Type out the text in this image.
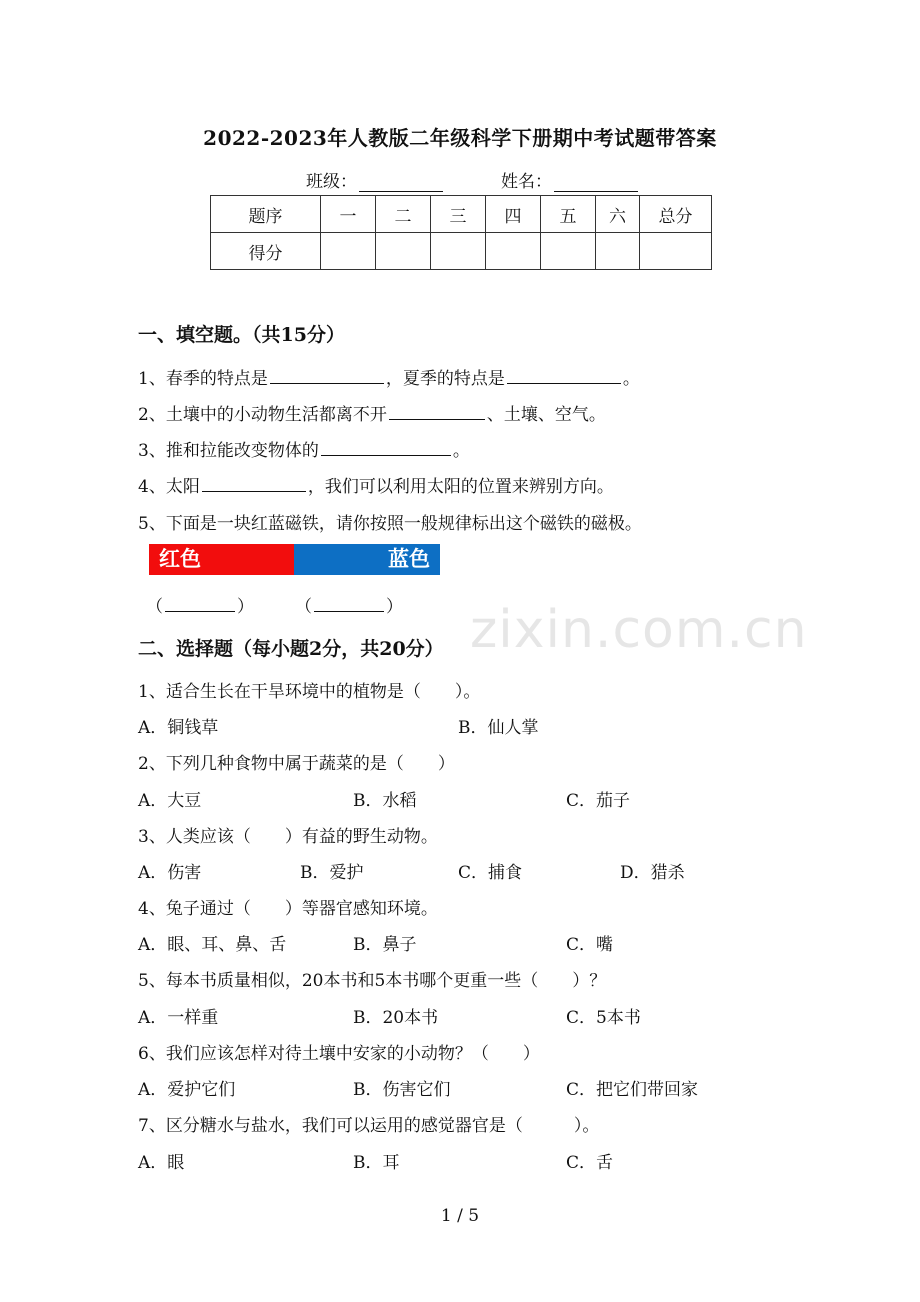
zixin.com.cn
2022-2023年人教版二年级科学下册期中考试题带答案
班级：	姓名：
题序	一	二	三	四	五	六	总分
得分							
一、填空题。（共15分）
1、春季的特点是	，夏季的特点是	。
2、土壤中的小动物生活都离不开	、土壤、空气。
3、推和拉能改变物体的	。
4、太阳	，我们可以利用太阳的位置来辨别方向。
5、下面是一块红蓝磁铁，请你按照一般规律标出这个磁铁的磁极。
红色	蓝色
（	） （	）
二、选择题（每小题2分，共20分）
1、适合生长在干旱环境中的植物是（　　）。
A．铜钱草	B．仙人掌
2、下列几种食物中属于蔬菜的是（　　）
A．大豆	B．水稻	C．茄子
3、人类应该（　　）有益的野生动物。
A．伤害	B．爱护	C．捕食	D．猎杀
4、兔子通过（　　）等器官感知环境。
A．眼、耳、鼻、舌	B．鼻子	C．嘴
5、每本书质量相似，20本书和5本书哪个更重一些（　　）？
A．一样重	B．20本书	C．5本书
6、我们应该怎样对待土壤中安家的小动物？（　　）
A．爱护它们	B．伤害它们	C．把它们带回家
7、区分糖水与盐水，我们可以运用的感觉器官是（　　　）。
A．眼	B．耳	C．舌
1 / 5
